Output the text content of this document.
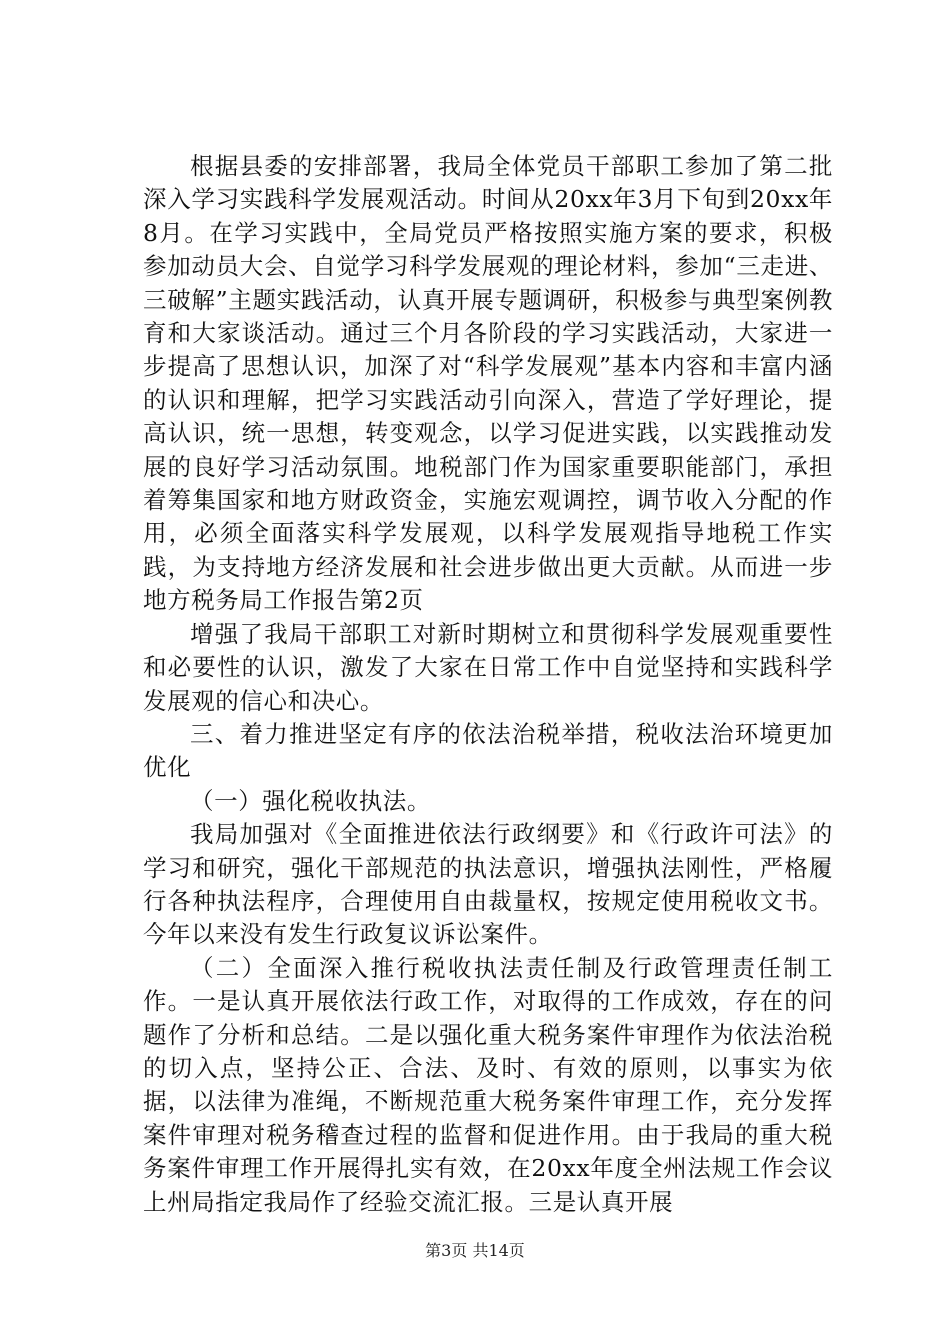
根据县委的安排部署，我局全体党员干部职工参加了第二批深入学习实践科学发展观活动。时间从20xx年3月下旬到20xx年8月。在学习实践中，全局党员严格按照实施方案的要求，积极参加动员大会、自觉学习科学发展观的理论材料，参加“三走进、三破解”主题实践活动，认真开展专题调研，积极参与典型案例教育和大家谈活动。通过三个月各阶段的学习实践活动，大家进一步提高了思想认识，加深了对“科学发展观”基本内容和丰富内涵的认识和理解，把学习实践活动引向深入，营造了学好理论，提高认识，统一思想，转变观念，以学习促进实践，以实践推动发展的良好学习活动氛围。地税部门作为国家重要职能部门，承担着筹集国家和地方财政资金，实施宏观调控，调节收入分配的作用，必须全面落实科学发展观，以科学发展观指导地税工作实践，为支持地方经济发展和社会进步做出更大贡献。从而进一步地方税务局工作报告第2页

增强了我局干部职工对新时期树立和贯彻科学发展观重要性和必要性的认识，激发了大家在日常工作中自觉坚持和实践科学发展观的信心和决心。

三、着力推进坚定有序的依法治税举措，税收法治环境更加优化

（一）强化税收执法。

我局加强对《全面推进依法行政纲要》和《行政许可法》的学习和研究，强化干部规范的执法意识，增强执法刚性，严格履行各种执法程序，合理使用自由裁量权，按规定使用税收文书。今年以来没有发生行政复议诉讼案件。

（二）全面深入推行税收执法责任制及行政管理责任制工作。一是认真开展依法行政工作，对取得的工作成效，存在的问题作了分析和总结。二是以强化重大税务案件审理作为依法治税的切入点，坚持公正、合法、及时、有效的原则，以事实为依据，以法律为准绳，不断规范重大税务案件审理工作，充分发挥案件审理对税务稽查过程的监督和促进作用。由于我局的重大税务案件审理工作开展得扎实有效，在20xx年度全州法规工作会议上州局指定我局作了经验交流汇报。三是认真开展

第3页 共14页
